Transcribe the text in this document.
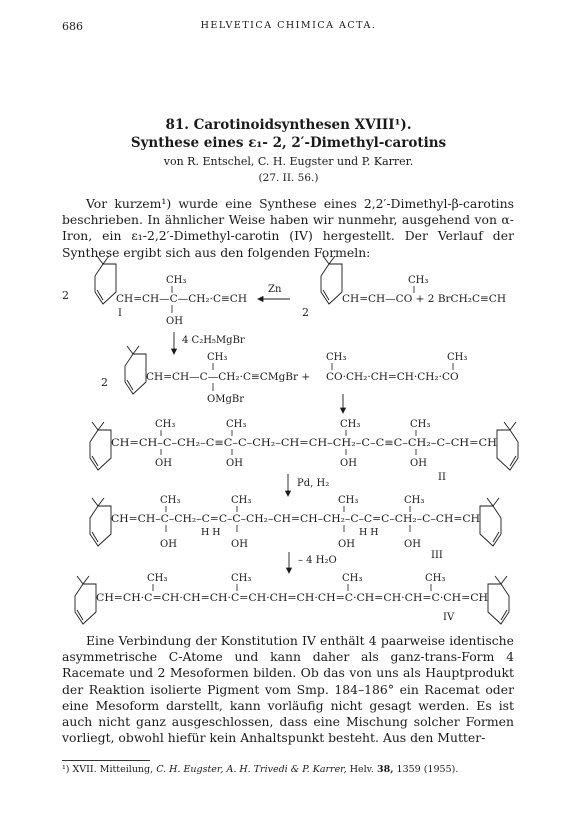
686	HELVETICA CHIMICA ACTA.
81. Carotinoidsynthesen XVIII¹).
Synthese eines ε₁- 2, 2′-Dimethyl-carotins
von R. Entschel, C. H. Eugster und P. Karrer.
(27. II. 56.)
Vor kurzem¹) wurde eine Synthese eines 2,2′-Dimethyl-β-carotins beschrieben. In ähnlicher Weise haben wir nunmehr, ausgehend von α-Iron, ein ε₁-2,2′-Dimethyl-carotin (IV) hergestellt. Der Verlauf der Synthese ergibt sich aus den folgenden Formeln:
2
CH₃
CH=CH—C—CH₂·C≡CH
OH
I
Zn
2
CH₃
CH=CH—CO + 2 BrCH₂C≡CH
4 C₂H₅MgBr
2
CH₃
CH=CH—C—CH₂·C≡CMgBr +
OMgBr
CH₃	CH₃
CO·CH₂·CH=CH·CH₂·CO
CH₃	CH₃	CH₃	CH₃
CH=CH–C–CH₂–C≡C–C–CH₂–CH=CH–CH₂–C–C≡C–CH₂–C–CH=CH
OH	OH	OH	OH
II
Pd, H₂
CH₃	CH₃	CH₃	CH₃
CH=CH–C–CH₂–C=C–C–CH₂–CH=CH–CH₂–C–C=C–CH₂–C–CH=CH
H H	H H
OH	OH	OH	OH
III
– 4 H₂O
CH₃	CH₃	CH₃	CH₃
CH=CH·C=CH·CH=CH·C=CH·CH=CH·CH=C·CH=CH·CH=C·CH=CH
IV
Eine Verbindung der Konstitution IV enthält 4 paarweise identische asymmetrische C-Atome und kann daher als ganz-trans-Form 4 Racemate und 2 Mesoformen bilden. Ob das von uns als Hauptprodukt der Reaktion isolierte Pigment vom Smp. 184–186° ein Racemat oder eine Mesoform darstellt, kann vorläufig nicht gesagt werden. Es ist auch nicht ganz ausgeschlossen, dass eine Mischung solcher Formen vorliegt, obwohl hiefür kein Anhaltspunkt besteht. Aus den Mutter-
¹) XVII. Mitteilung, C. H. Eugster, A. H. Trivedi & P. Karrer, Helv. 38, 1359 (1955).
